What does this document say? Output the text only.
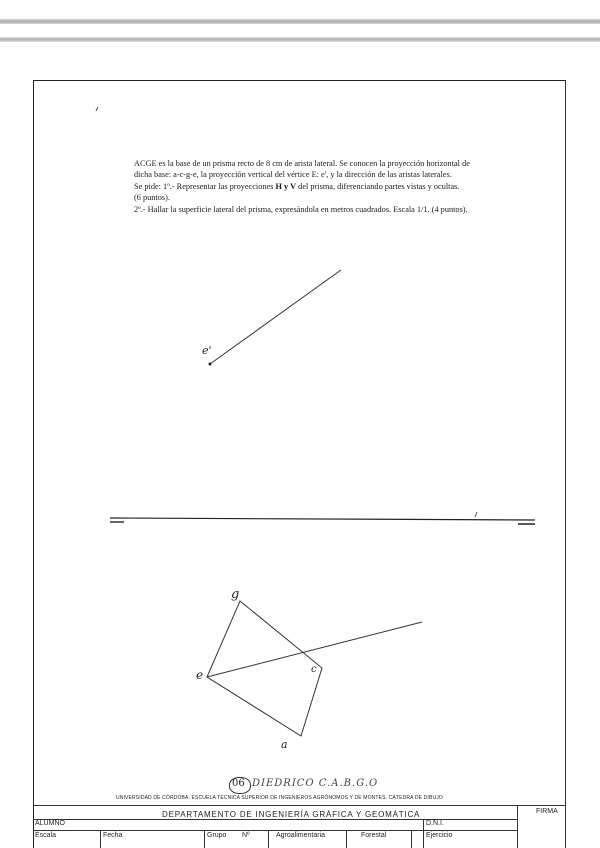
ACGE es la base de un prisma recto de 8 cm de arista lateral. Se conocen la proyección horizontal de

dicha base: a-c-g-e, la proyección vertical del vértice E: e', y la dirección de las aristas laterales.

Se pide: 1º.- Representar las proyecciones H y V del prisma, diferenciando partes vistas y ocultas.

(6 puntos).

2º.- Hallar la superficie lateral del prisma, expresándola en metros cuadrados. Escala 1/1. (4 puntos).

e'
g
e	c
a
06 DIEDRICO C.A.B.G.O
UNIVERSIDAD DE CÓRDOBA. ESCUELA TÉCNICA SUPERIOR DE INGENIEROS AGRÓNOMOS Y DE MONTES. CÁTEDRA DE DIBUJO
DEPARTAMENTO DE INGENIERÍA GRÁFICA Y GEOMÁTICA	FIRMA
ALUMNO	D.N.I.
Escala	Fecha	Grupo Nº	Agroalimentaria	Forestal	Ejercicio
